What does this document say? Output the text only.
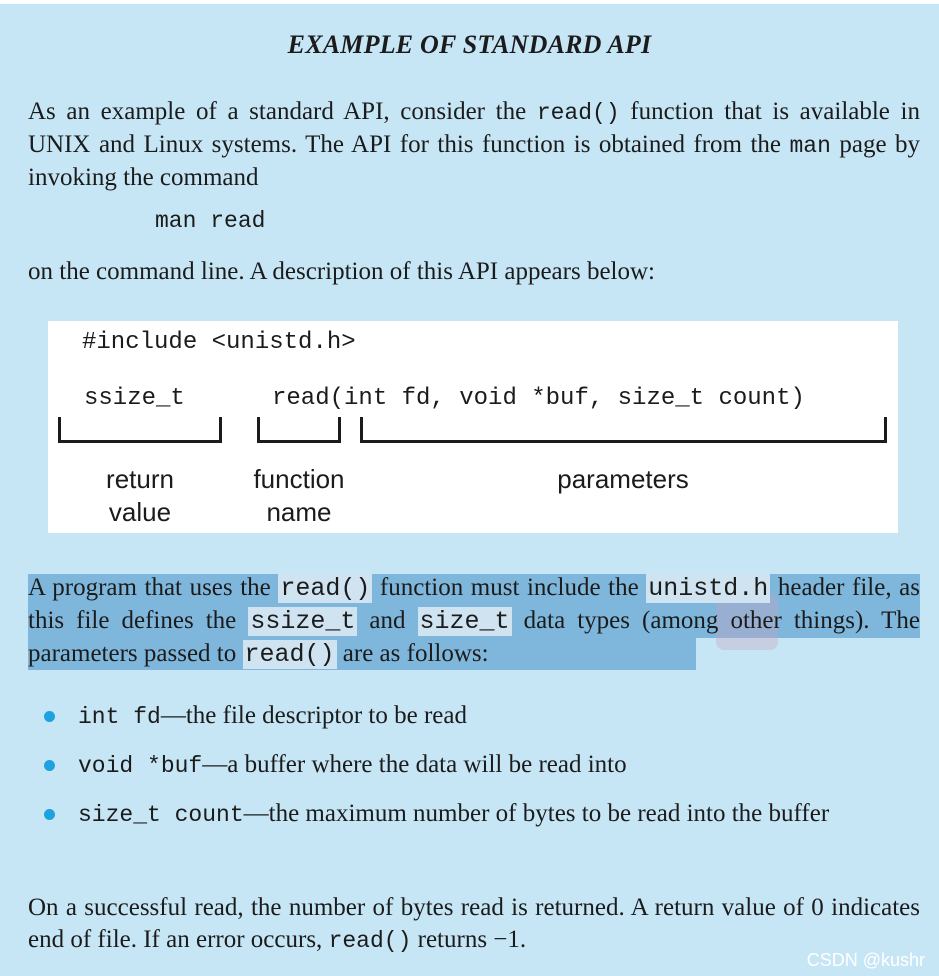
EXAMPLE OF STANDARD API

As an example of a standard API, consider the read() function that is available in UNIX and Linux systems. The API for this function is obtained from the man page by invoking the command

man read

on the command line. A description of this API appears below:

#include <unistd.h>
ssize_t	read(int fd, void *buf, size_t count)
return
value
function
name
parameters

A program that uses the read() function must include the unistd.h header file, as this file defines the ssize_t and size_t data types (among other things). The parameters passed to read() are as follows:

int fd—the file descriptor to be read
void *buf—a buffer where the data will be read into
size_t count—the maximum number of bytes to be read into the buffer

On a successful read, the number of bytes read is returned. A return value of 0 indicates end of file. If an error occurs, read() returns −1.

CSDN @kushr
